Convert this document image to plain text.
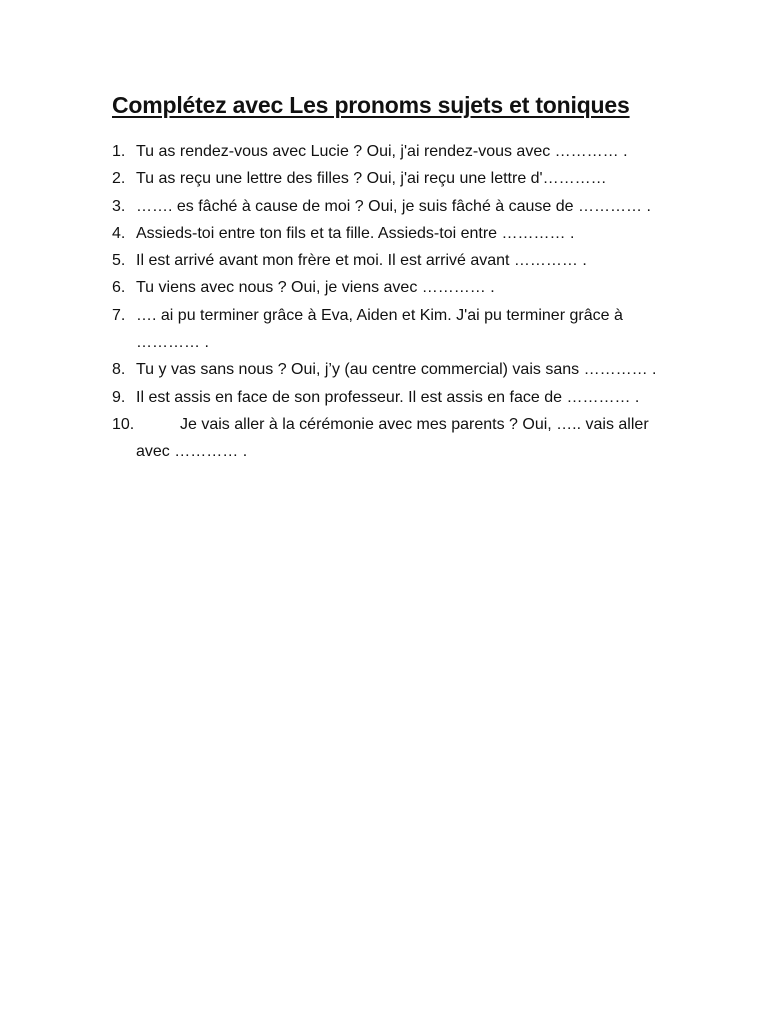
Complétez avec Les pronoms sujets et toniques
1. Tu as rendez-vous avec Lucie ? Oui, j'ai rendez-vous avec ………… .
2. Tu as reçu une lettre des filles ? Oui, j'ai reçu une lettre d'…………
3. ……. es fâché à cause de moi ? Oui, je suis fâché à cause de ………… .
4. Assieds-toi entre ton fils et ta fille. Assieds-toi entre ………… .
5. Il est arrivé avant mon frère et moi. Il est arrivé avant ………… .
6. Tu viens avec nous ? Oui, je viens avec ………… .
7. …. ai pu terminer grâce à Eva, Aiden et Kim. J'ai pu terminer grâce à ………… .
8. Tu y vas sans nous ? Oui, j’y (au centre commercial) vais sans ………… .
9. Il est assis en face de son professeur. Il est assis en face de ………… .
10.	Je vais aller à la cérémonie avec mes parents ? Oui, ….. vais aller avec ………… .
